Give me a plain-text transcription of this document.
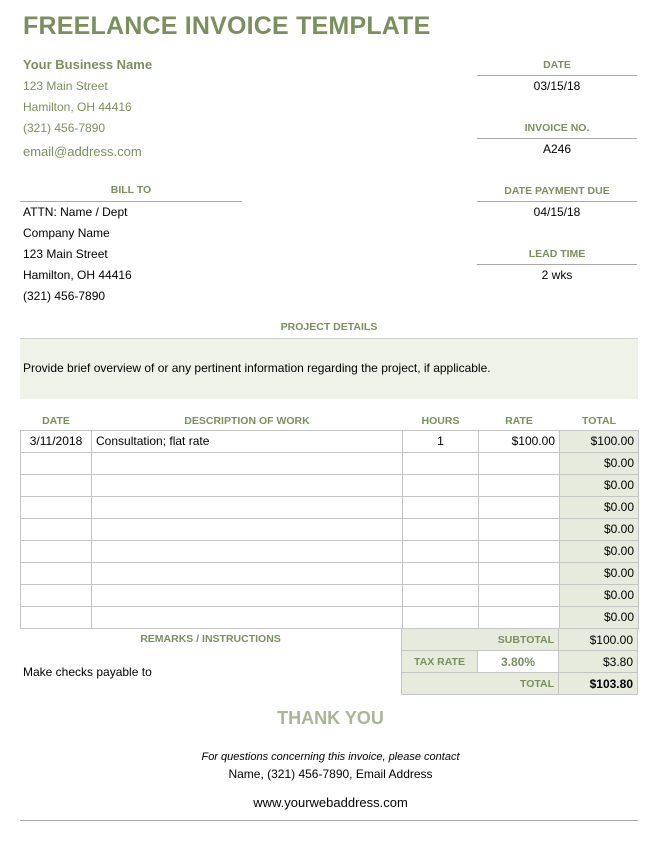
FREELANCE INVOICE TEMPLATE
Your Business Name
123 Main Street
Hamilton, OH 44416
(321) 456-7890
email@address.com
DATE
03/15/18
INVOICE NO.
A246
DATE PAYMENT DUE
04/15/18
LEAD TIME
2 wks
BILL TO
ATTN: Name / Dept
Company Name
123 Main Street
Hamilton, OH 44416
(321) 456-7890
PROJECT DETAILS
Provide brief overview of or any pertinent information regarding the project, if applicable.
DATE	DESCRIPTION OF WORK	HOURS	RATE	TOTAL
3/11/2018	Consultation; flat rate	1	$100.00	$100.00
				$0.00
				$0.00
				$0.00
				$0.00
				$0.00
				$0.00
				$0.00
				$0.00
REMARKS / INSTRUCTIONS
Make checks payable to
SUBTOTAL		$100.00
TAX RATE	3.80%	$3.80
TOTAL		$103.80
THANK YOU
For questions concerning this invoice, please contact
Name, (321) 456-7890, Email Address
www.yourwebaddress.com
